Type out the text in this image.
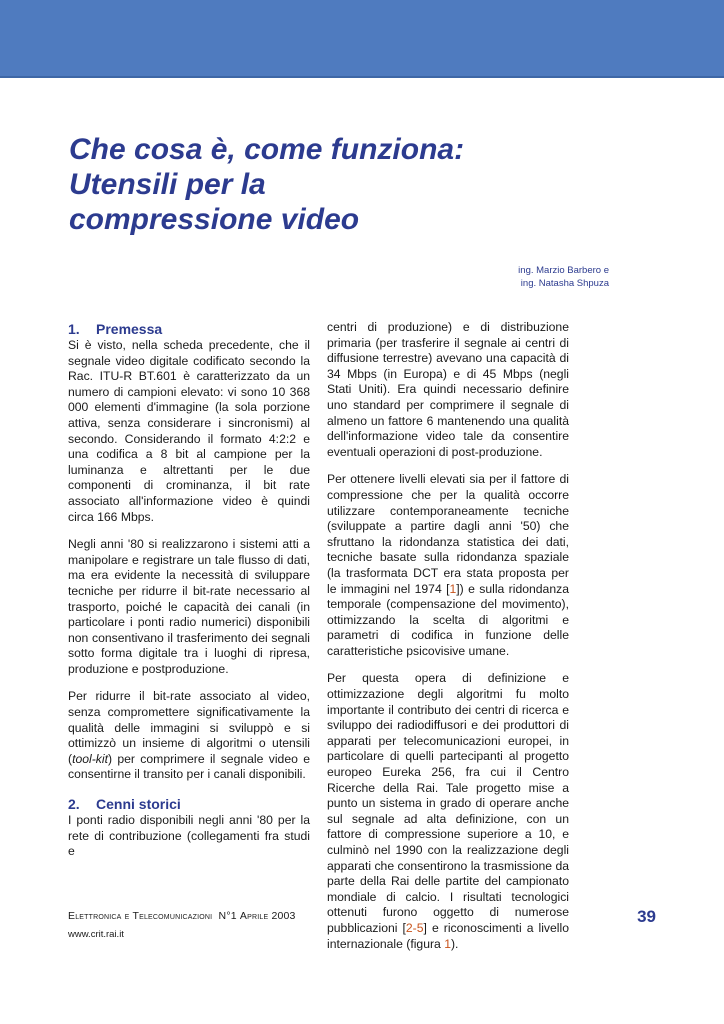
Che cosa è, come funziona:
Utensili per la
compressione video
ing. Marzio Barbero e
ing. Natasha Shpuza
1. Premessa

Si è visto, nella scheda precedente, che il segnale video digitale codificato secondo la Rac. ITU-R BT.601 è caratterizzato da un numero di campioni elevato: vi sono 10 368 000 elementi d'immagine (la sola porzione attiva, senza considerare i sincronismi) al secondo. Considerando il formato 4:2:2 e una codifica a 8 bit al campione per la luminanza e altrettanti per le due componenti di crominanza, il bit rate associato all'informazione video è quindi circa 166 Mbps.

Negli anni '80 si realizzarono i sistemi atti a manipolare e registrare un tale flusso di dati, ma era evidente la necessità di sviluppare tecniche per ridurre il bit-rate necessario al trasporto, poiché le capacità dei canali (in particolare i ponti radio numerici) disponibili non consentivano il trasferimento dei segnali sotto forma digitale tra i luoghi di ripresa, produzione e postproduzione.

Per ridurre il bit-rate associato al video, senza compromettere significativamente la qualità delle immagini si sviluppò e si ottimizzò un insieme di algoritmi o utensili (tool-kit) per comprimere il segnale video e consentirne il transito per i canali disponibili.

2. Cenni storici

I ponti radio disponibili negli anni '80 per la rete di contribuzione (collegamenti fra studi e

centri di produzione) e di distribuzione primaria (per trasferire il segnale ai centri di diffusione terrestre) avevano una capacità di 34 Mbps (in Europa) e di 45 Mbps (negli Stati Uniti). Era quindi necessario definire uno standard per comprimere il segnale di almeno un fattore 6 mantenendo una qualità dell'informazione video tale da consentire eventuali operazioni di post-produzione.

Per ottenere livelli elevati sia per il fattore di compressione che per la qualità occorre utilizzare contemporaneamente tecniche (sviluppate a partire dagli anni '50) che sfruttano la ridondanza statistica dei dati, tecniche basate sulla ridondanza spaziale (la trasformata DCT era stata proposta per le immagini nel 1974 [1]) e sulla ridondanza temporale (compensazione del movimento), ottimizzando la scelta di algoritmi e parametri di codifica in funzione delle caratteristiche psicovisive umane.

Per questa opera di definizione e ottimizzazione degli algoritmi fu molto importante il contributo dei centri di ricerca e sviluppo dei radiodiffusori e dei produttori di apparati per telecomunicazioni europei, in particolare di quelli partecipanti al progetto europeo Eureka 256, fra cui il Centro Ricerche della Rai. Tale progetto mise a punto un sistema in grado di operare anche sul segnale ad alta definizione, con un fattore di compressione superiore a 10, e culminò nel 1990 con la realizzazione degli apparati che consentirono la trasmissione da parte della Rai delle partite del campionato mondiale di calcio. I risultati tecnologici ottenuti furono oggetto di numerose pubblicazioni [2-5] e riconoscimenti a livello internazionale (figura 1).

Elettronica e Telecomunicazioni N°1 Aprile 2003
www.crit.rai.it
39
